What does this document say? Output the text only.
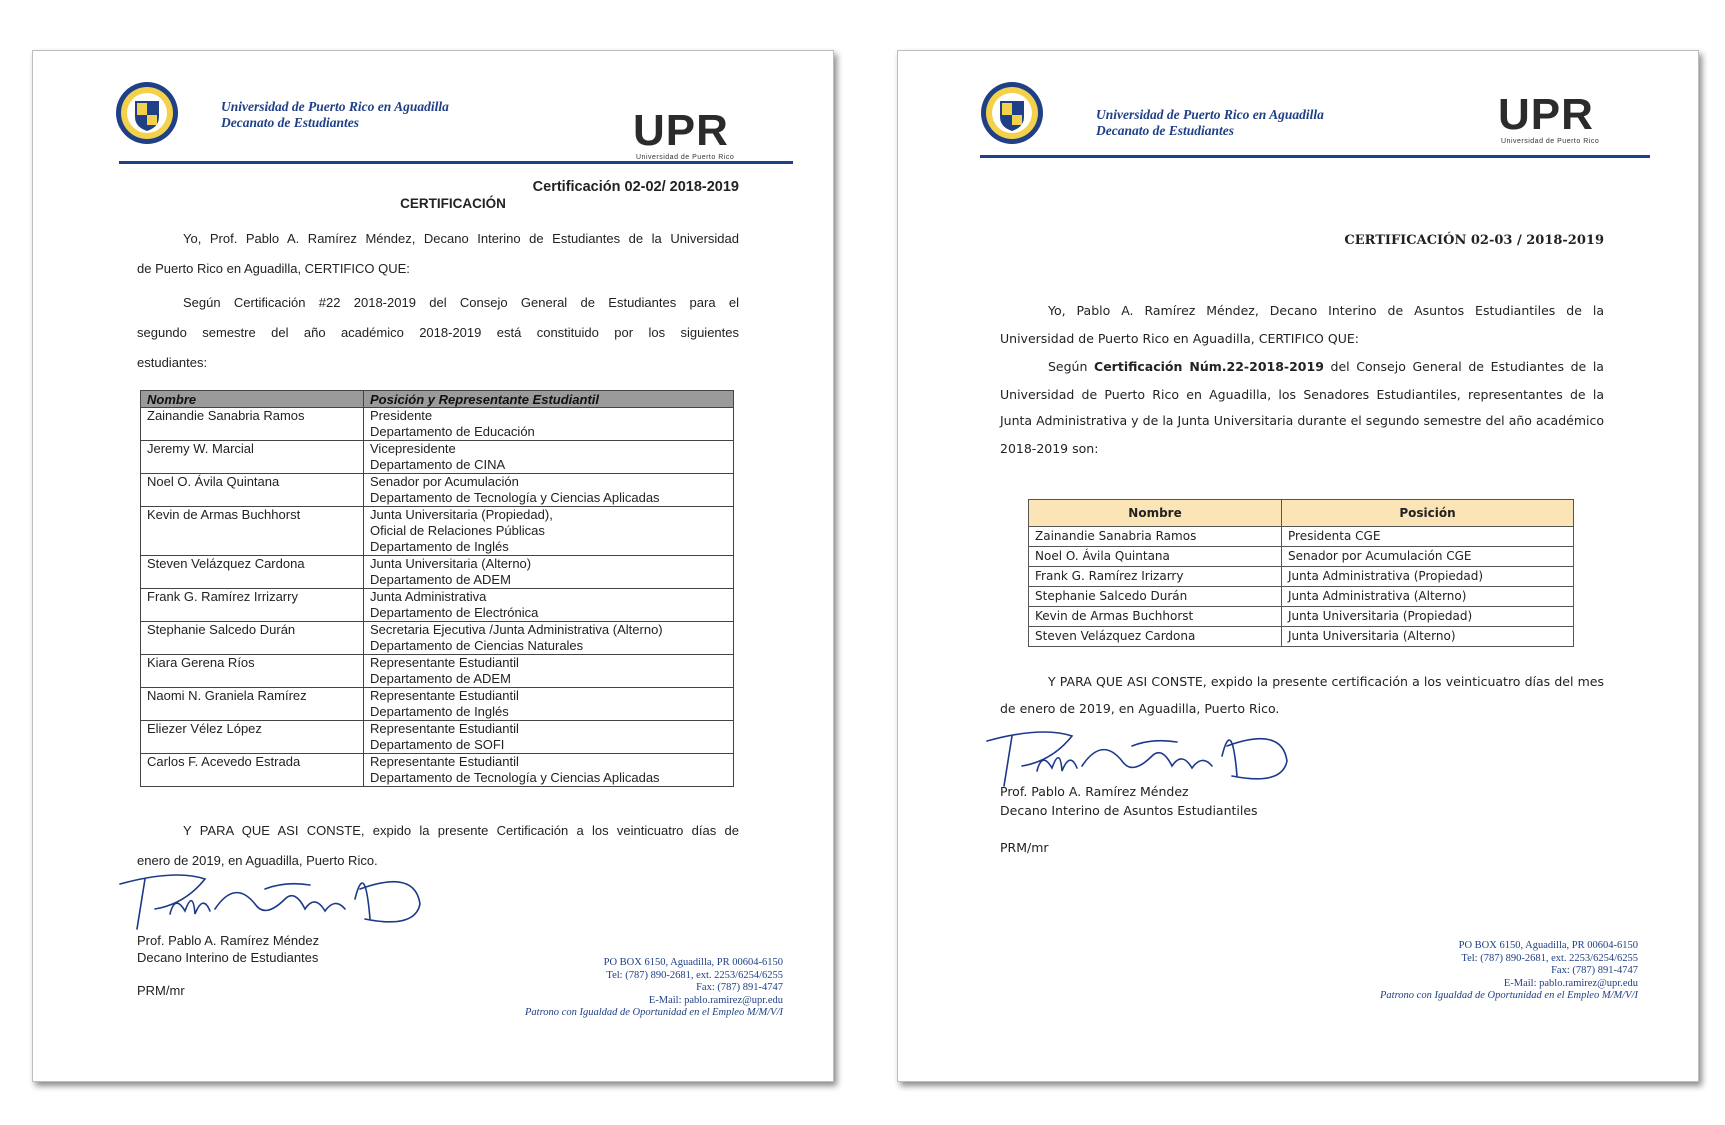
Universidad de Puerto Rico en Aguadilla
Decanato de Estudiantes	UPR
Universidad de Puerto Rico
Certificación 02-02/ 2018-2019
CERTIFICACIÓN
Yo, Prof. Pablo A. Ramírez Méndez, Decano Interino de Estudiantes de la Universidad
de Puerto Rico en Aguadilla, CERTIFICO QUE:
Según Certificación #22 2018-2019 del Consejo General de Estudiantes para el
segundo semestre del año académico 2018-2019 está constituido por los siguientes
estudiantes:
Nombre	Posición y Representante Estudiantil
Zainandie Sanabria Ramos	Presidente
Departamento de Educación

Jeremy W. Marcial	Vicepresidente
Departamento de CINA

Noel O. Ávila Quintana	Senador por Acumulación
Departamento de Tecnología y Ciencias Aplicadas

Kevin de Armas Buchhorst	Junta Universitaria (Propiedad),
Oficial de Relaciones Públicas
Departamento de Inglés

Steven Velázquez Cardona	Junta Universitaria (Alterno)
Departamento de ADEM

Frank G. Ramírez Irrizarry	Junta Administrativa
Departamento de Electrónica

Stephanie Salcedo Durán	Secretaria Ejecutiva /Junta Administrativa (Alterno)
Departamento de Ciencias Naturales

Kiara Gerena Ríos	Representante Estudiantil
Departamento de ADEM

Naomi N. Graniela Ramírez	Representante Estudiantil
Departamento de Inglés

Eliezer Vélez López	Representante Estudiantil
Departamento de SOFI

Carlos F. Acevedo Estrada	Representante Estudiantil
Departamento de Tecnología y Ciencias Aplicadas
Y PARA QUE ASI CONSTE, expido la presente Certificación a los veinticuatro días de
enero de 2019, en Aguadilla, Puerto Rico.
Prof. Pablo A. Ramírez Méndez
Decano Interino de Estudiantes
PRM/mr
PO BOX 6150, Aguadilla, PR 00604-6150
Tel: (787) 890-2681, ext. 2253/6254/6255
Fax: (787) 891-4747
E-Mail: pablo.ramirez@upr.edu
Patrono con Igualdad de Oportunidad en el Empleo M/M/V/I
Universidad de Puerto Rico en Aguadilla
Decanato de Estudiantes	UPR
Universidad de Puerto Rico
CERTIFICACIÓN 02-03 / 2018-2019
Yo, Pablo A. Ramírez Méndez, Decano Interino de Asuntos Estudiantiles de la
Universidad de Puerto Rico en Aguadilla, CERTIFICO QUE:
Según Certificación Núm.22-2018-2019 del Consejo General de Estudiantes de la
Universidad de Puerto Rico en Aguadilla, los Senadores Estudiantiles, representantes de la
Junta Administrativa y de la Junta Universitaria durante el segundo semestre del año académico
2018-2019 son:
Nombre	Posición
Zainandie Sanabria Ramos	Presidenta CGE
Noel O. Ávila Quintana	Senador por Acumulación CGE
Frank G. Ramírez Irizarry	Junta Administrativa (Propiedad)
Stephanie Salcedo Durán	Junta Administrativa (Alterno)
Kevin de Armas Buchhorst	Junta Universitaria (Propiedad)
Steven Velázquez Cardona	Junta Universitaria (Alterno)
Y PARA QUE ASI CONSTE, expido la presente certificación a los veinticuatro días del mes
de enero de 2019, en Aguadilla, Puerto Rico.
Prof. Pablo A. Ramírez Méndez
Decano Interino de Asuntos Estudiantiles
PRM/mr
PO BOX 6150, Aguadilla, PR 00604-6150
Tel: (787) 890-2681, ext. 2253/6254/6255
Fax: (787) 891-4747
E-Mail: pablo.ramirez@upr.edu
Patrono con Igualdad de Oportunidad en el Empleo M/M/V/I
